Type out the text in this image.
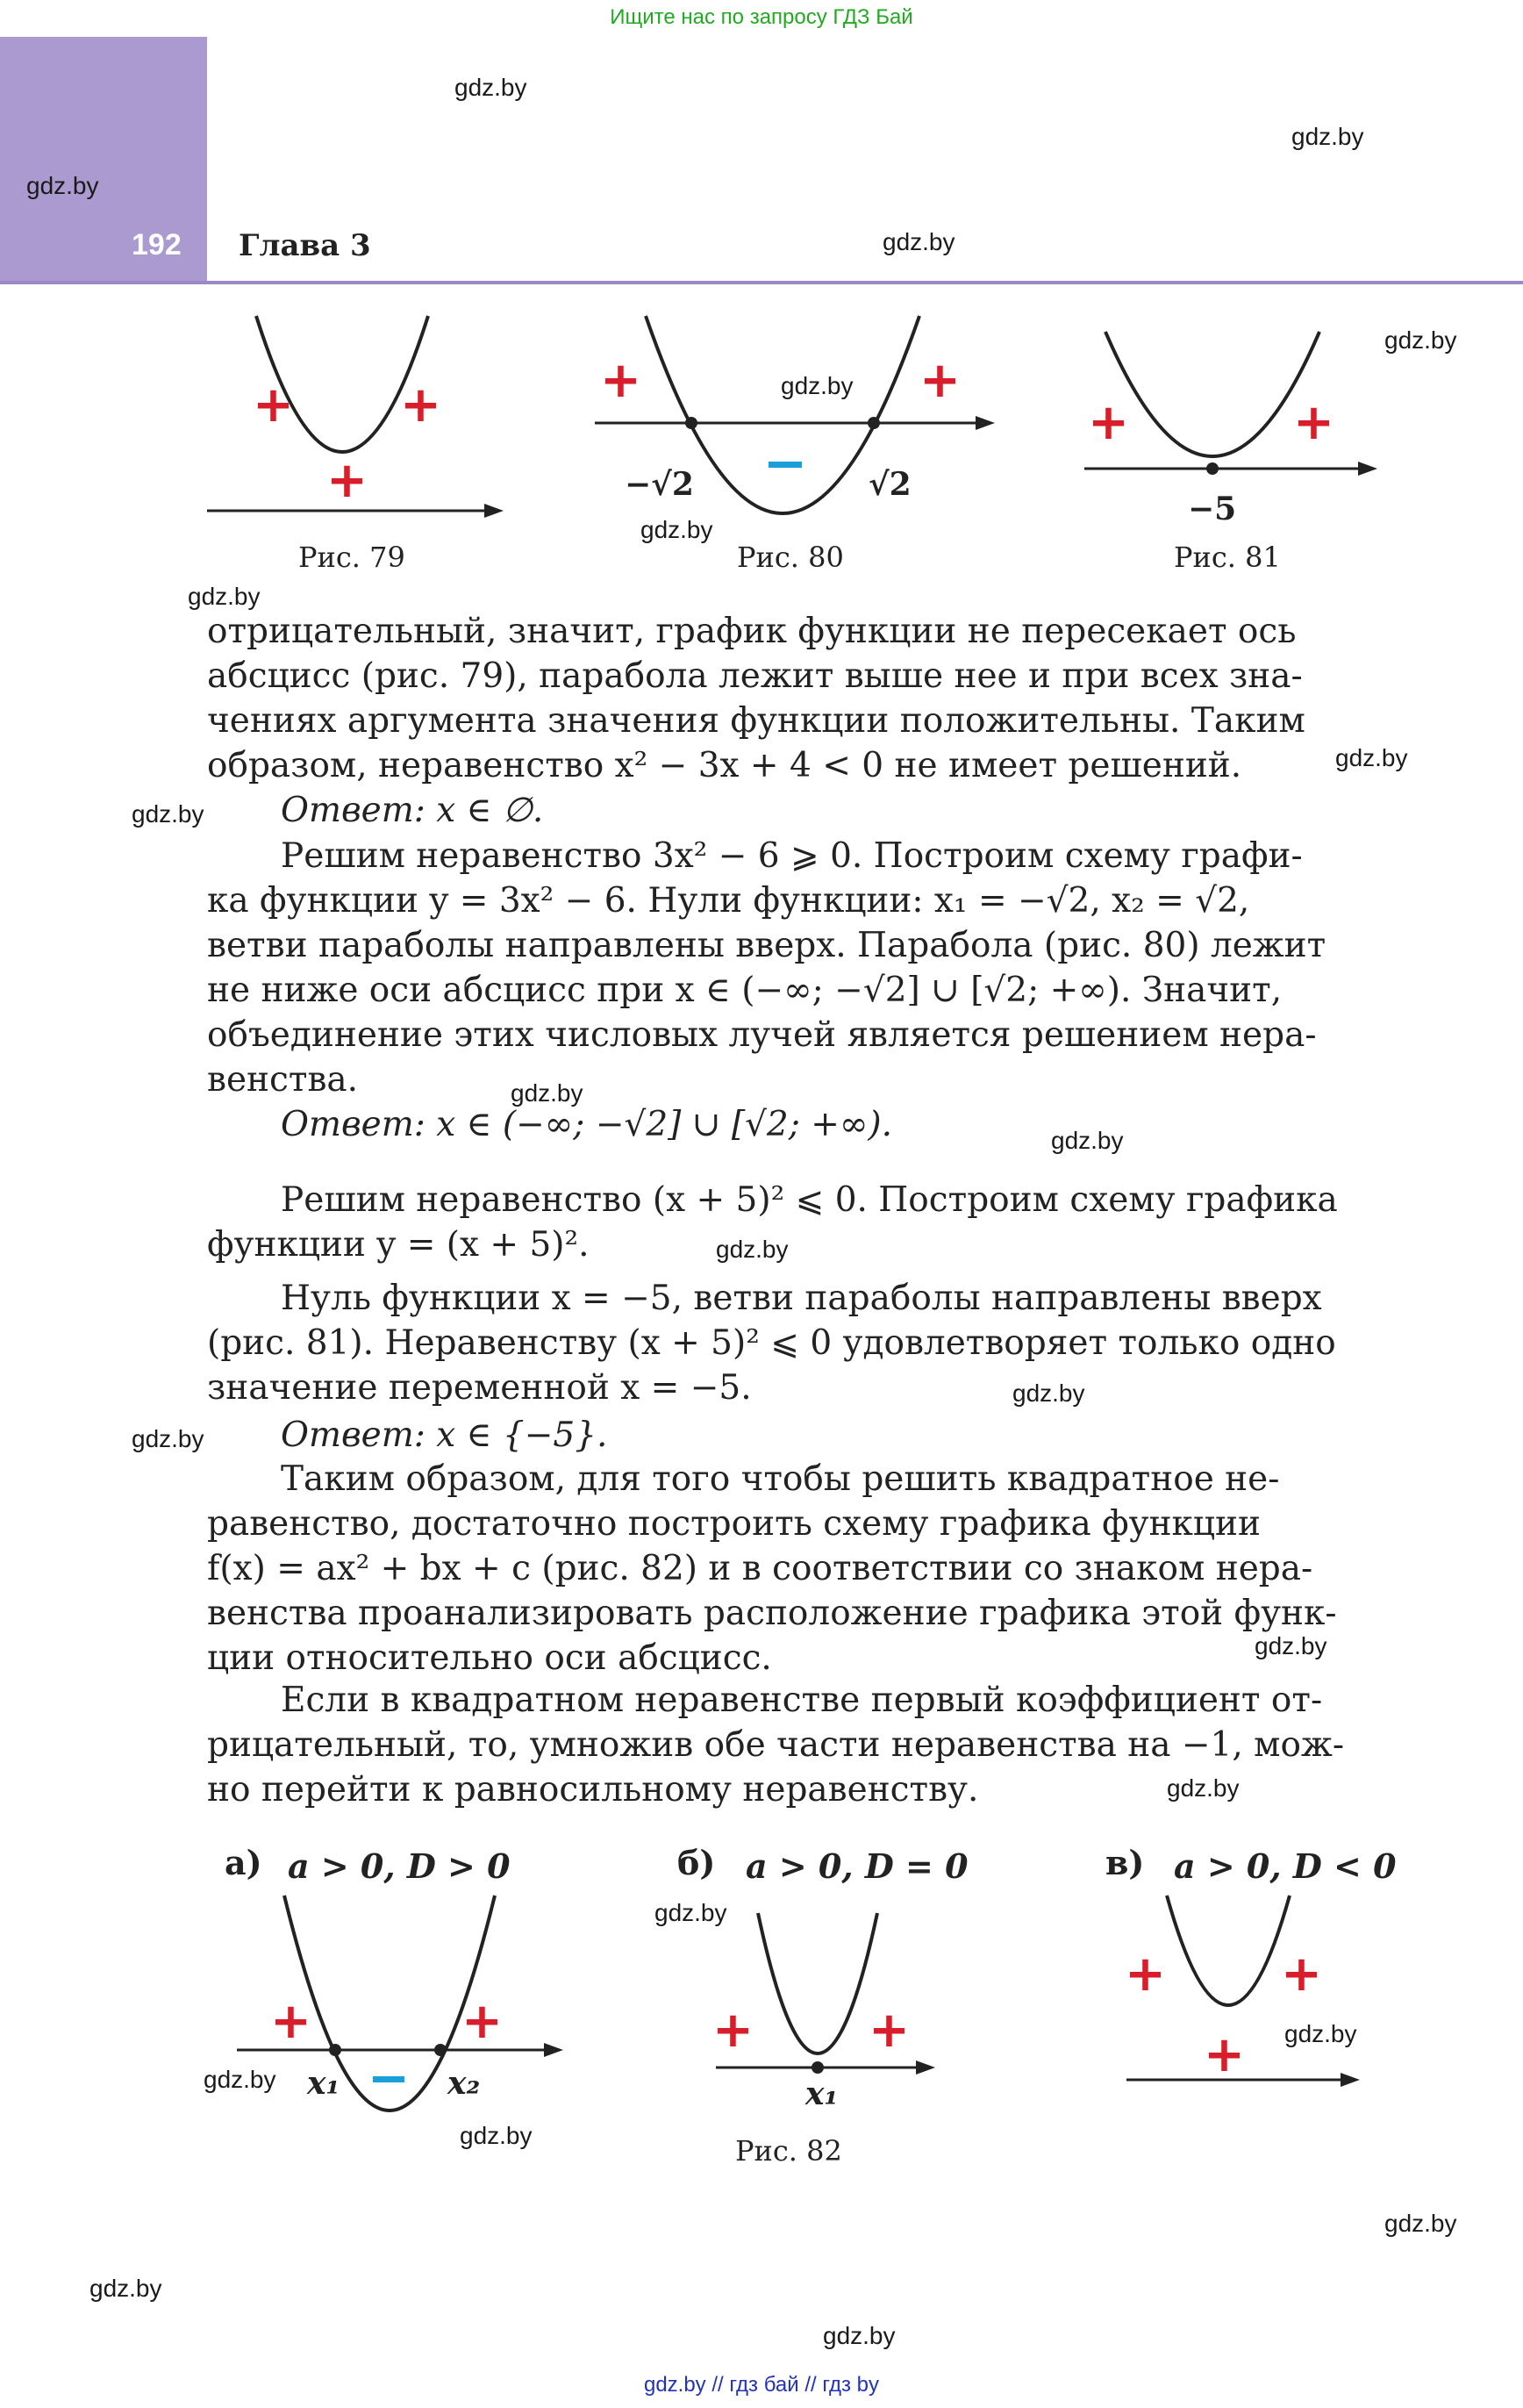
Ищите нас по запросу ГДЗ Бай
192 Глава 3
gdz.by
gdz.by
gdz.by
gdz.by
gdz.by
gdz.by
gdz.by
gdz.by
gdz.by
gdz.by
gdz.by
gdz.by
gdz.by
gdz.by
gdz.by
gdz.by
gdz.by
gdz.by
gdz.by
gdz.by
gdz.by
gdz.by
gdz.by
gdz.by
+ +
+
Рис. 79
+	+
−√2	√2
Рис. 80
+	+
−5
Рис. 81
отрицательный, значит, график функции не пересекает ось
абсцисс (рис. 79), парабола лежит выше нее и при всех зна-
чениях аргумента значения функции положительны. Таким
образом, неравенство x² − 3x + 4 < 0 не имеет решений.
Ответ: x ∈ ∅.
Решим неравенство 3x² − 6 ⩾ 0. Построим схему графи-
ка функции y = 3x² − 6. Нули функции: x₁ = −√2, x₂ = √2,
ветви параболы направлены вверх. Парабола (рис. 80) лежит
не ниже оси абсцисс при x ∈ (−∞; −√2] ∪ [√2; +∞). Значит,
объединение этих числовых лучей является решением нера-
венства.
Ответ: x ∈ (−∞; −√2] ∪ [√2; +∞).
Решим неравенство (x + 5)² ⩽ 0. Построим схему графика
функции y = (x + 5)².
Нуль функции x = −5, ветви параболы направлены вверх
(рис. 81). Неравенству (x + 5)² ⩽ 0 удовлетворяет только одно
значение переменной x = −5.
Ответ: x ∈ {−5}.
Таким образом, для того чтобы решить квадратное не-
равенство, достаточно построить схему графика функции
f(x) = ax² + bx + c (рис. 82) и в соответствии со знаком нера-
венства проанализировать расположение графика этой функ-
ции относительно оси абсцисс.
Если в квадратном неравенстве первый коэффициент от-
рицательный, то, умножив обе части неравенства на −1, мож-
но перейти к равносильному неравенству.
а) a > 0, D > 0
+	+
x₁	x₂
б) a > 0, D = 0
+ +
x₁
Рис. 82
в) a > 0, D < 0
+ +
+
gdz.by // гдз бай // гдз by
